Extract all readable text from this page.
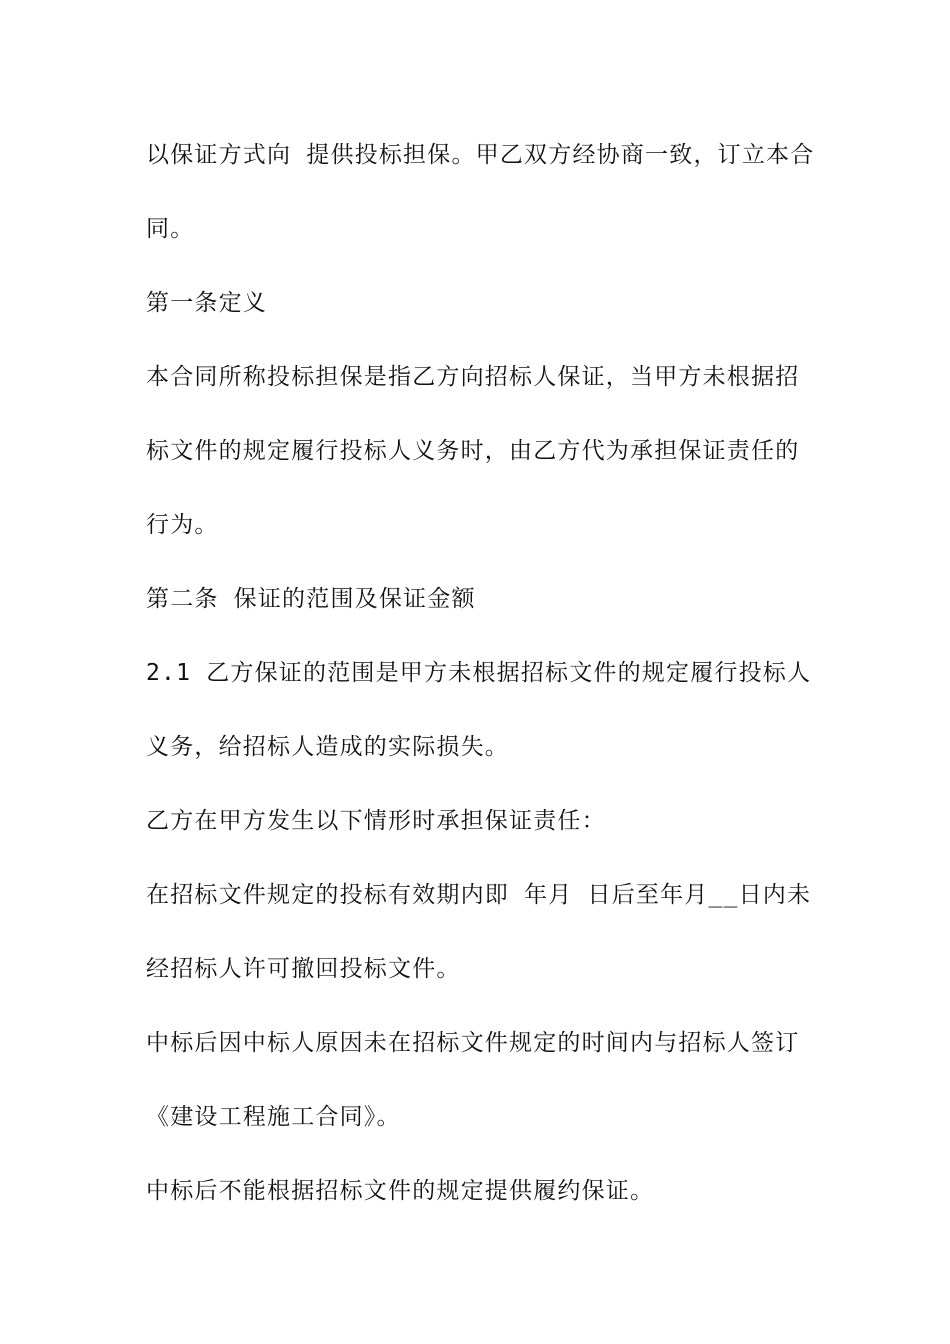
以保证方式向 提供投标担保。甲乙双方经协商一致，订立本合
同。
第一条定义
本合同所称投标担保是指乙方向招标人保证，当甲方未根据招
标文件的规定履行投标人义务时，由乙方代为承担保证责任的
行为。
第二条 保证的范围及保证金额
2.1 乙方保证的范围是甲方未根据招标文件的规定履行投标人
义务，给招标人造成的实际损失。
乙方在甲方发生以下情形时承担保证责任：
在招标文件规定的投标有效期内即 年月 日后至年月__日内未
经招标人许可撤回投标文件。
中标后因中标人原因未在招标文件规定的时间内与招标人签订
《建设工程施工合同》。
中标后不能根据招标文件的规定提供履约保证。
